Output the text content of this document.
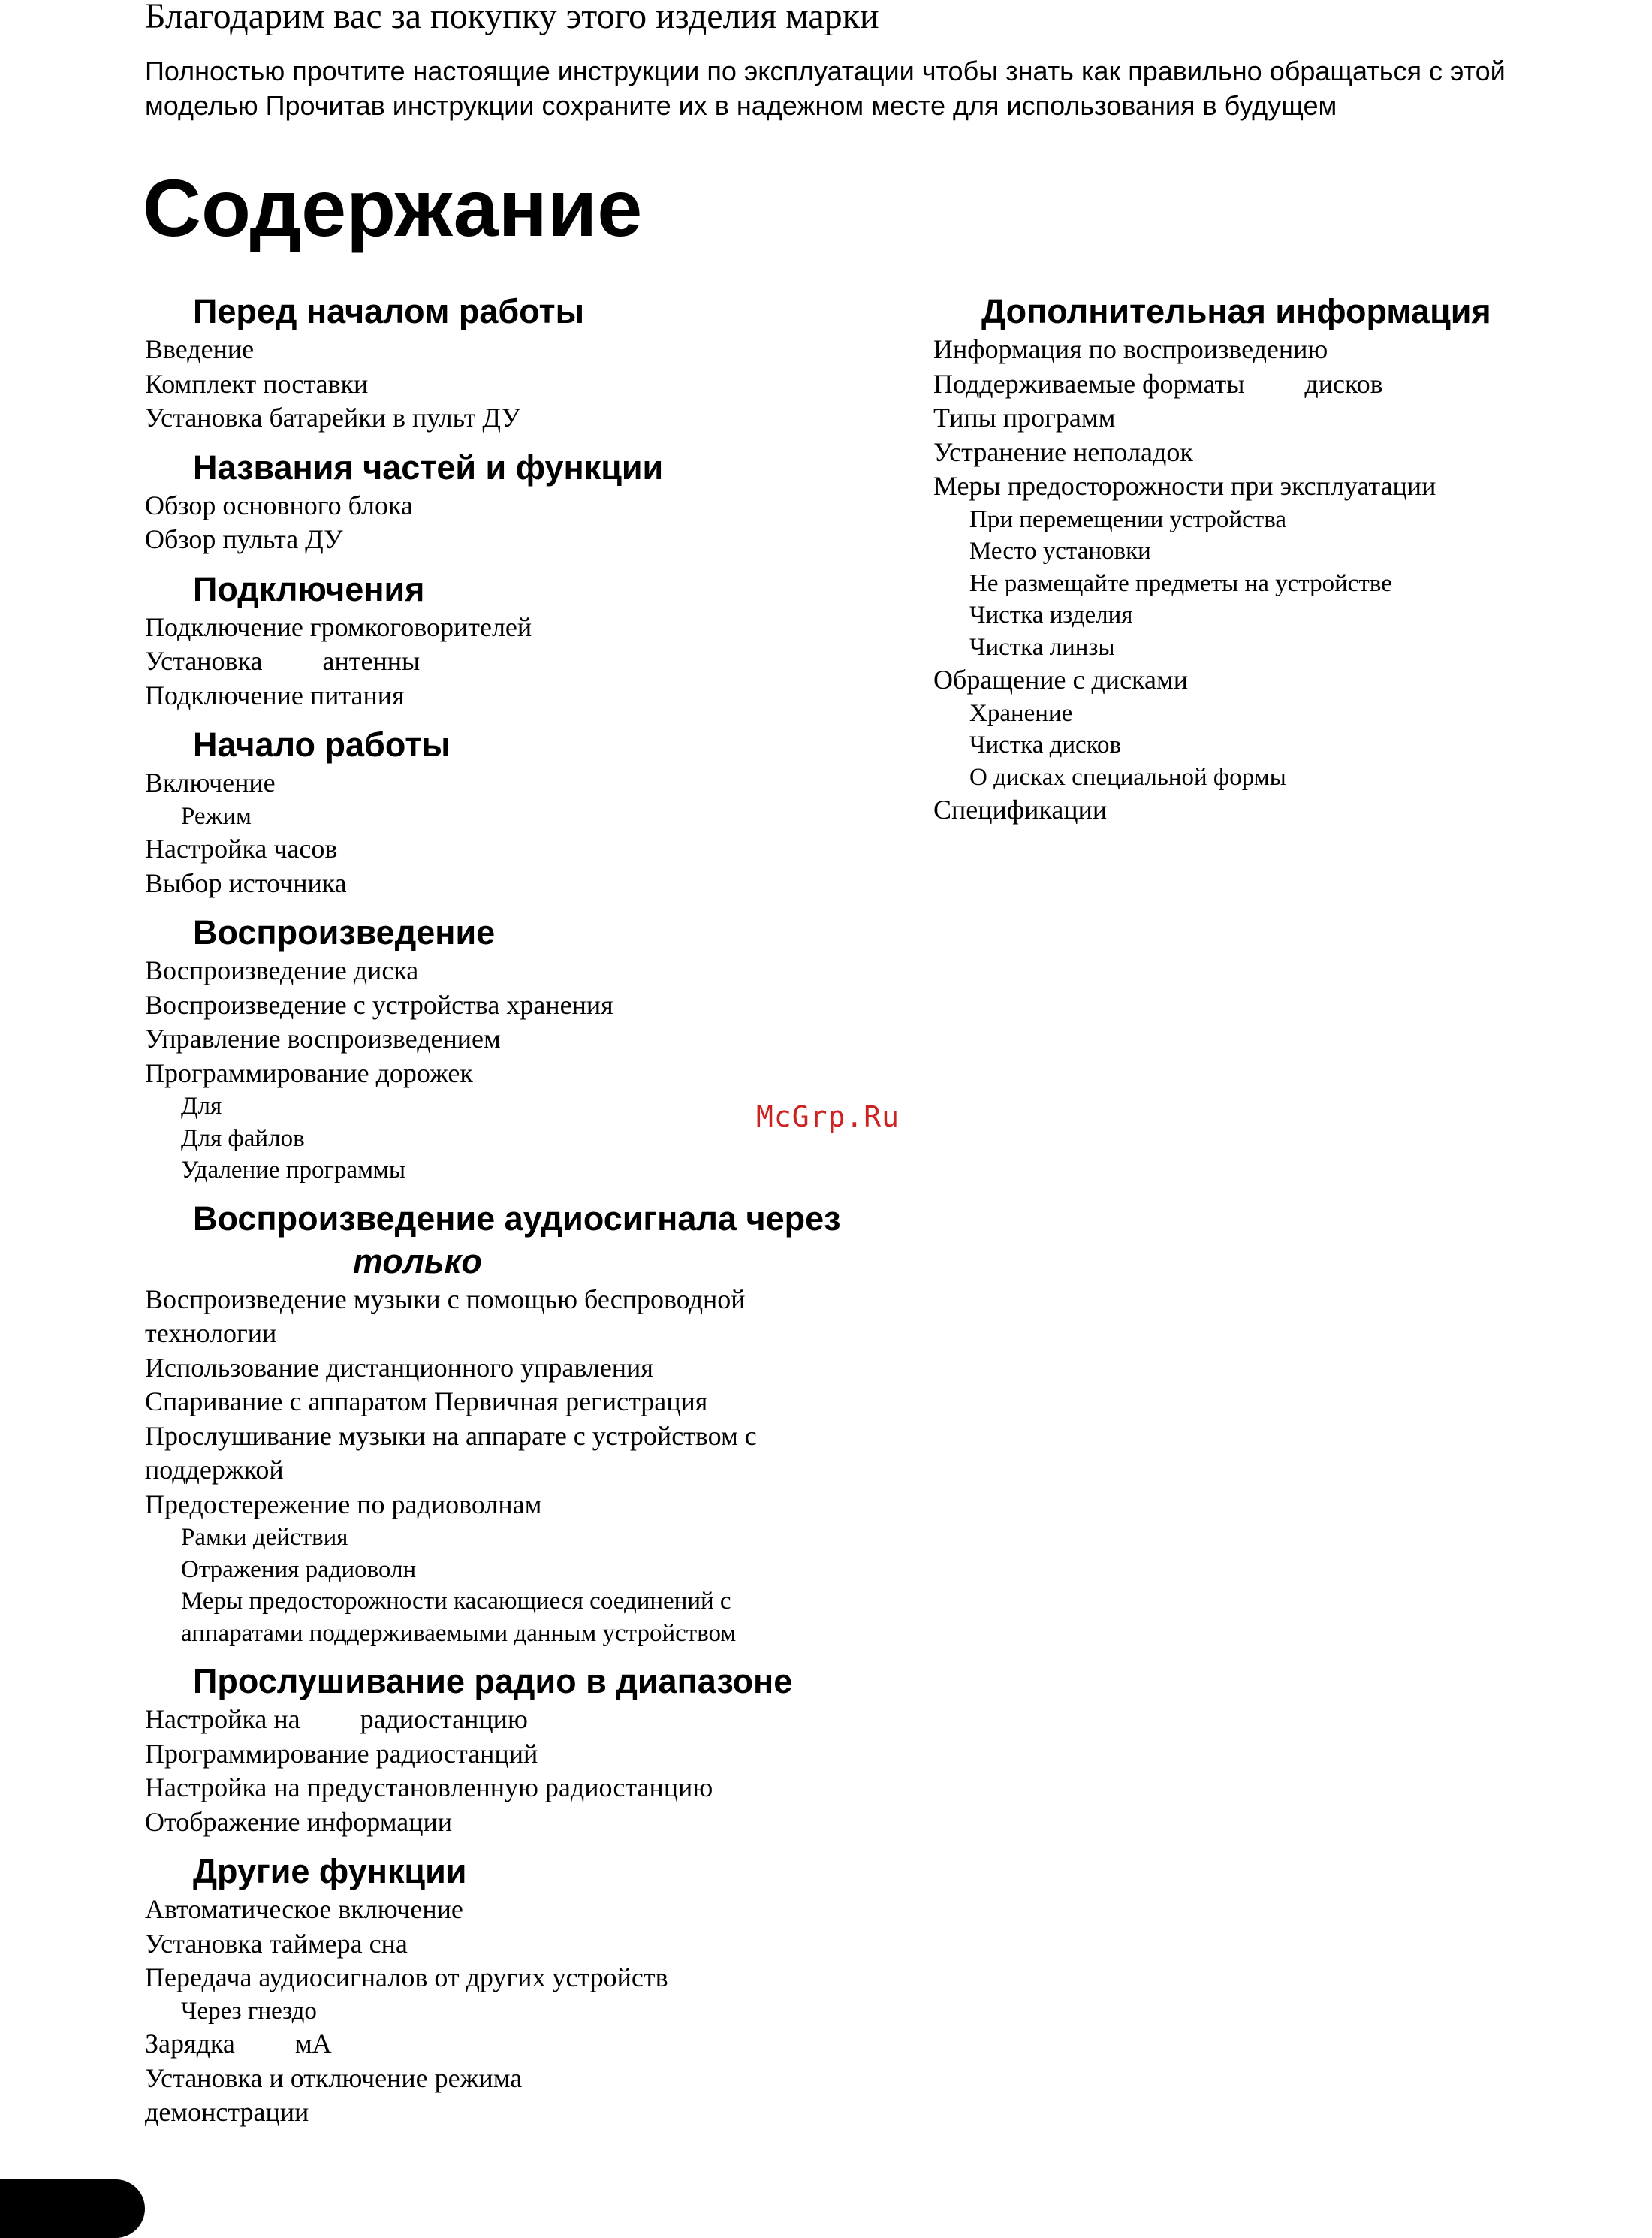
Благодарим вас за покупку этого изделия марки
Полностью прочтите настоящие инструкции по эксплуатации чтобы знать как правильно обращаться с этой
моделью Прочитав инструкции сохраните их в надежном месте для использования в будущем
Содержание
Перед началом работы
Введение
Комплект поставки
Установка батарейки в пульт ДУ
Названия частей и функции
Обзор основного блока
Обзор пульта ДУ
Подключения
Подключение громкоговорителей
Установка антенны
Подключение питания
Начало работы
Включение
Режим
Настройка часов
Выбор источника
Воспроизведение
Воспроизведение диска
Воспроизведение с устройства хранения
Управление воспроизведением
Программирование дорожек
Для
Для файлов
Удаление программы
Воспроизведение аудиосигнала через
только
Воспроизведение музыки с помощью беспроводной
технологии
Использование дистанционного управления
Спаривание с аппаратом Первичная регистрация
Прослушивание музыки на аппарате с устройством с
поддержкой
Предостережение по радиоволнам
Рамки действия
Отражения радиоволн
Меры предосторожности касающиеся соединений с
аппаратами поддерживаемыми данным устройством
Прослушивание радио в диапазоне
Настройка на радиостанцию
Программирование радиостанций
Настройка на предустановленную радиостанцию
Отображение информации
Другие функции
Автоматическое включение
Установка таймера сна
Передача аудиосигналов от других устройств
Через гнездо
Зарядка мА
Установка и отключение режима
демонстрации
Дополнительная информация
Информация по воспроизведению
Поддерживаемые форматы дисков
Типы программ
Устранение неполадок
Меры предосторожности при эксплуатации
При перемещении устройства
Место установки
Не размещайте предметы на устройстве
Чистка изделия
Чистка линзы
Обращение с дисками
Хранение
Чистка дисков
О дисках специальной формы
Спецификации
McGrp.Ru
